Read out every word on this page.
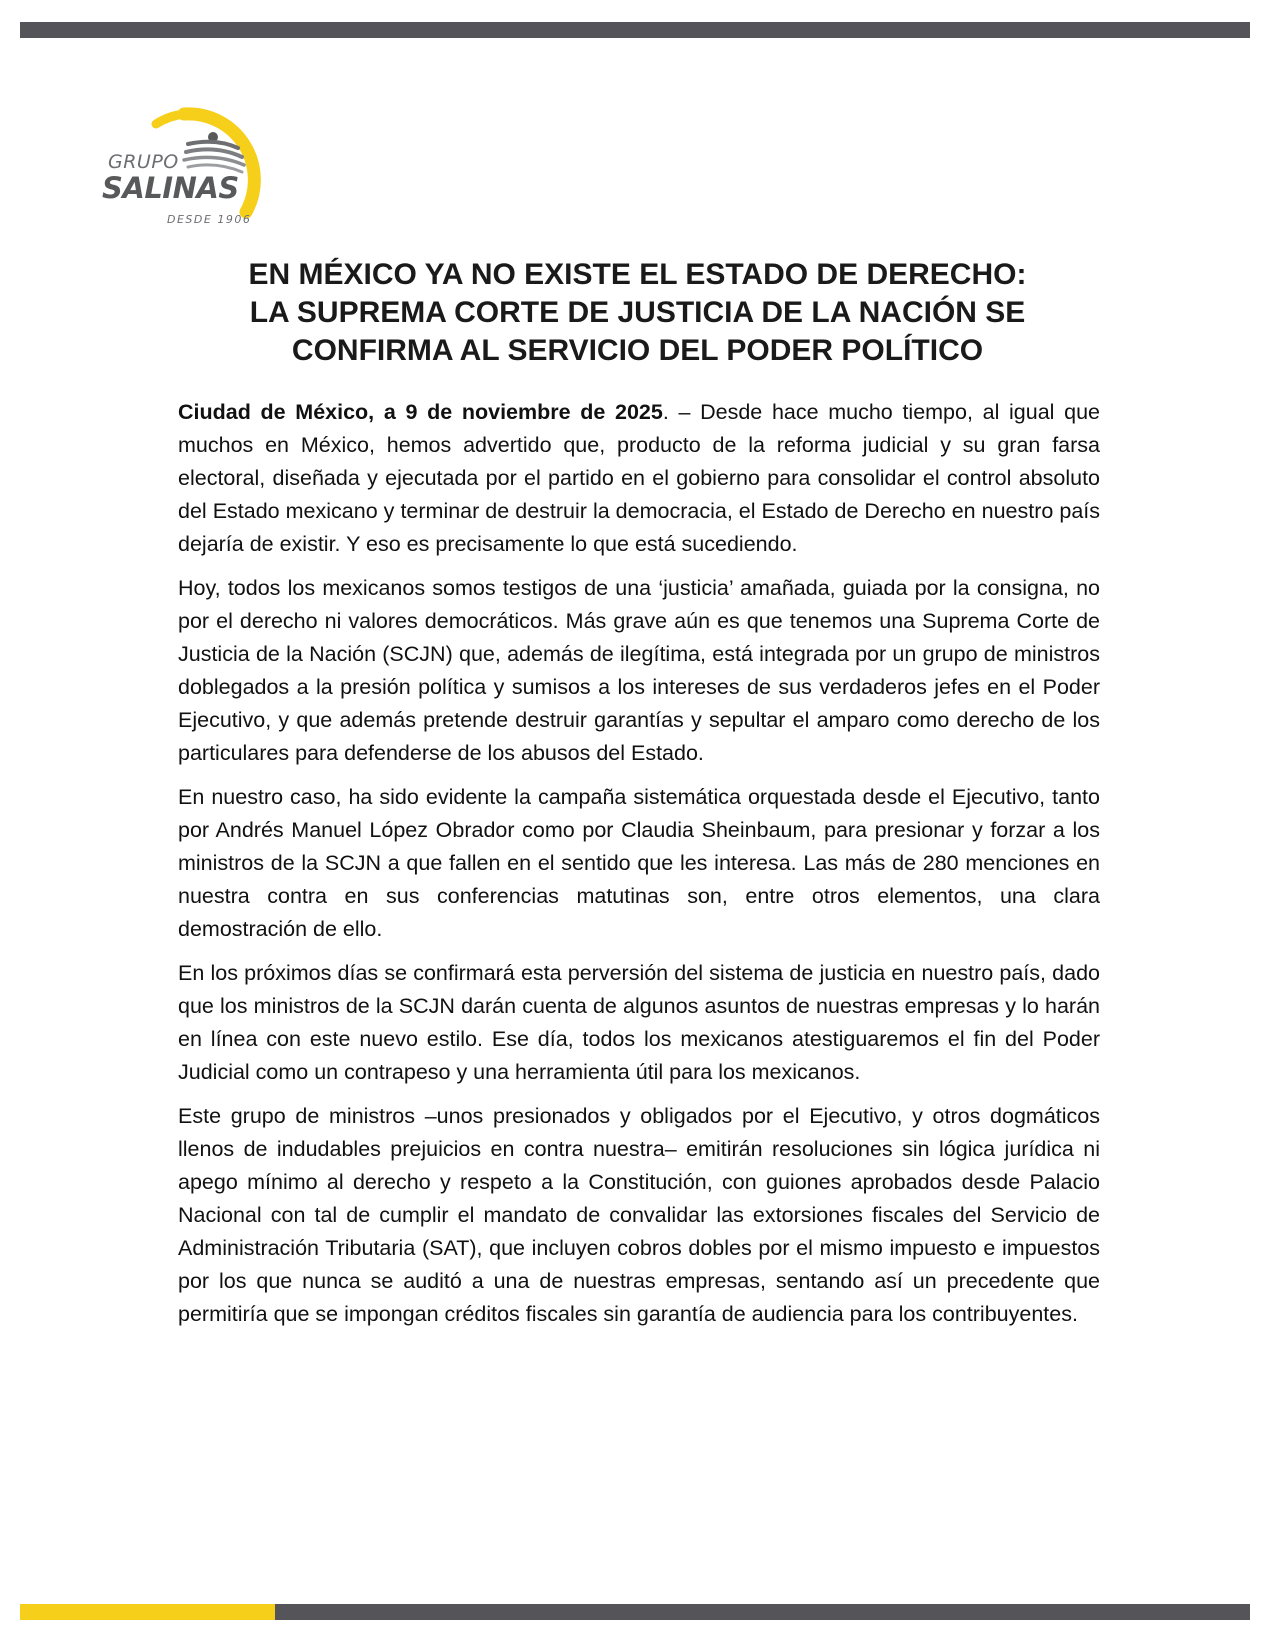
GRUPO
SALINAS
DESDE 1906
EN MÉXICO YA NO EXISTE EL ESTADO DE DERECHO:
LA SUPREMA CORTE DE JUSTICIA DE LA NACIÓN SE
CONFIRMA AL SERVICIO DEL PODER POLÍTICO

Ciudad de México, a 9 de noviembre de 2025. – Desde hace mucho tiempo, al igual que muchos en México, hemos advertido que, producto de la reforma judicial y su gran farsa electoral, diseñada y ejecutada por el partido en el gobierno para consolidar el control absoluto del Estado mexicano y terminar de destruir la democracia, el Estado de Derecho en nuestro país dejaría de existir. Y eso es precisamente lo que está sucediendo.

Hoy, todos los mexicanos somos testigos de una ‘justicia’ amañada, guiada por la consigna, no por el derecho ni valores democráticos. Más grave aún es que tenemos una Suprema Corte de Justicia de la Nación (SCJN) que, además de ilegítima, está integrada por un grupo de ministros doblegados a la presión política y sumisos a los intereses de sus verdaderos jefes en el Poder Ejecutivo, y que además pretende destruir garantías y sepultar el amparo como derecho de los particulares para defenderse de los abusos del Estado.

En nuestro caso, ha sido evidente la campaña sistemática orquestada desde el Ejecutivo, tanto por Andrés Manuel López Obrador como por Claudia Sheinbaum, para presionar y forzar a los ministros de la SCJN a que fallen en el sentido que les interesa. Las más de 280 menciones en nuestra contra en sus conferencias matutinas son, entre otros elementos, una clara demostración de ello.

En los próximos días se confirmará esta perversión del sistema de justicia en nuestro país, dado que los ministros de la SCJN darán cuenta de algunos asuntos de nuestras empresas y lo harán en línea con este nuevo estilo. Ese día, todos los mexicanos atestiguaremos el fin del Poder Judicial como un contrapeso y una herramienta útil para los mexicanos.

Este grupo de ministros –unos presionados y obligados por el Ejecutivo, y otros dogmáticos llenos de indudables prejuicios en contra nuestra– emitirán resoluciones sin lógica jurídica ni apego mínimo al derecho y respeto a la Constitución, con guiones aprobados desde Palacio Nacional con tal de cumplir el mandato de convalidar las extorsiones fiscales del Servicio de Administración Tributaria (SAT), que incluyen cobros dobles por el mismo impuesto e impuestos por los que nunca se auditó a una de nuestras empresas, sentando así un precedente que permitiría que se impongan créditos fiscales sin garantía de audiencia para los contribuyentes.
